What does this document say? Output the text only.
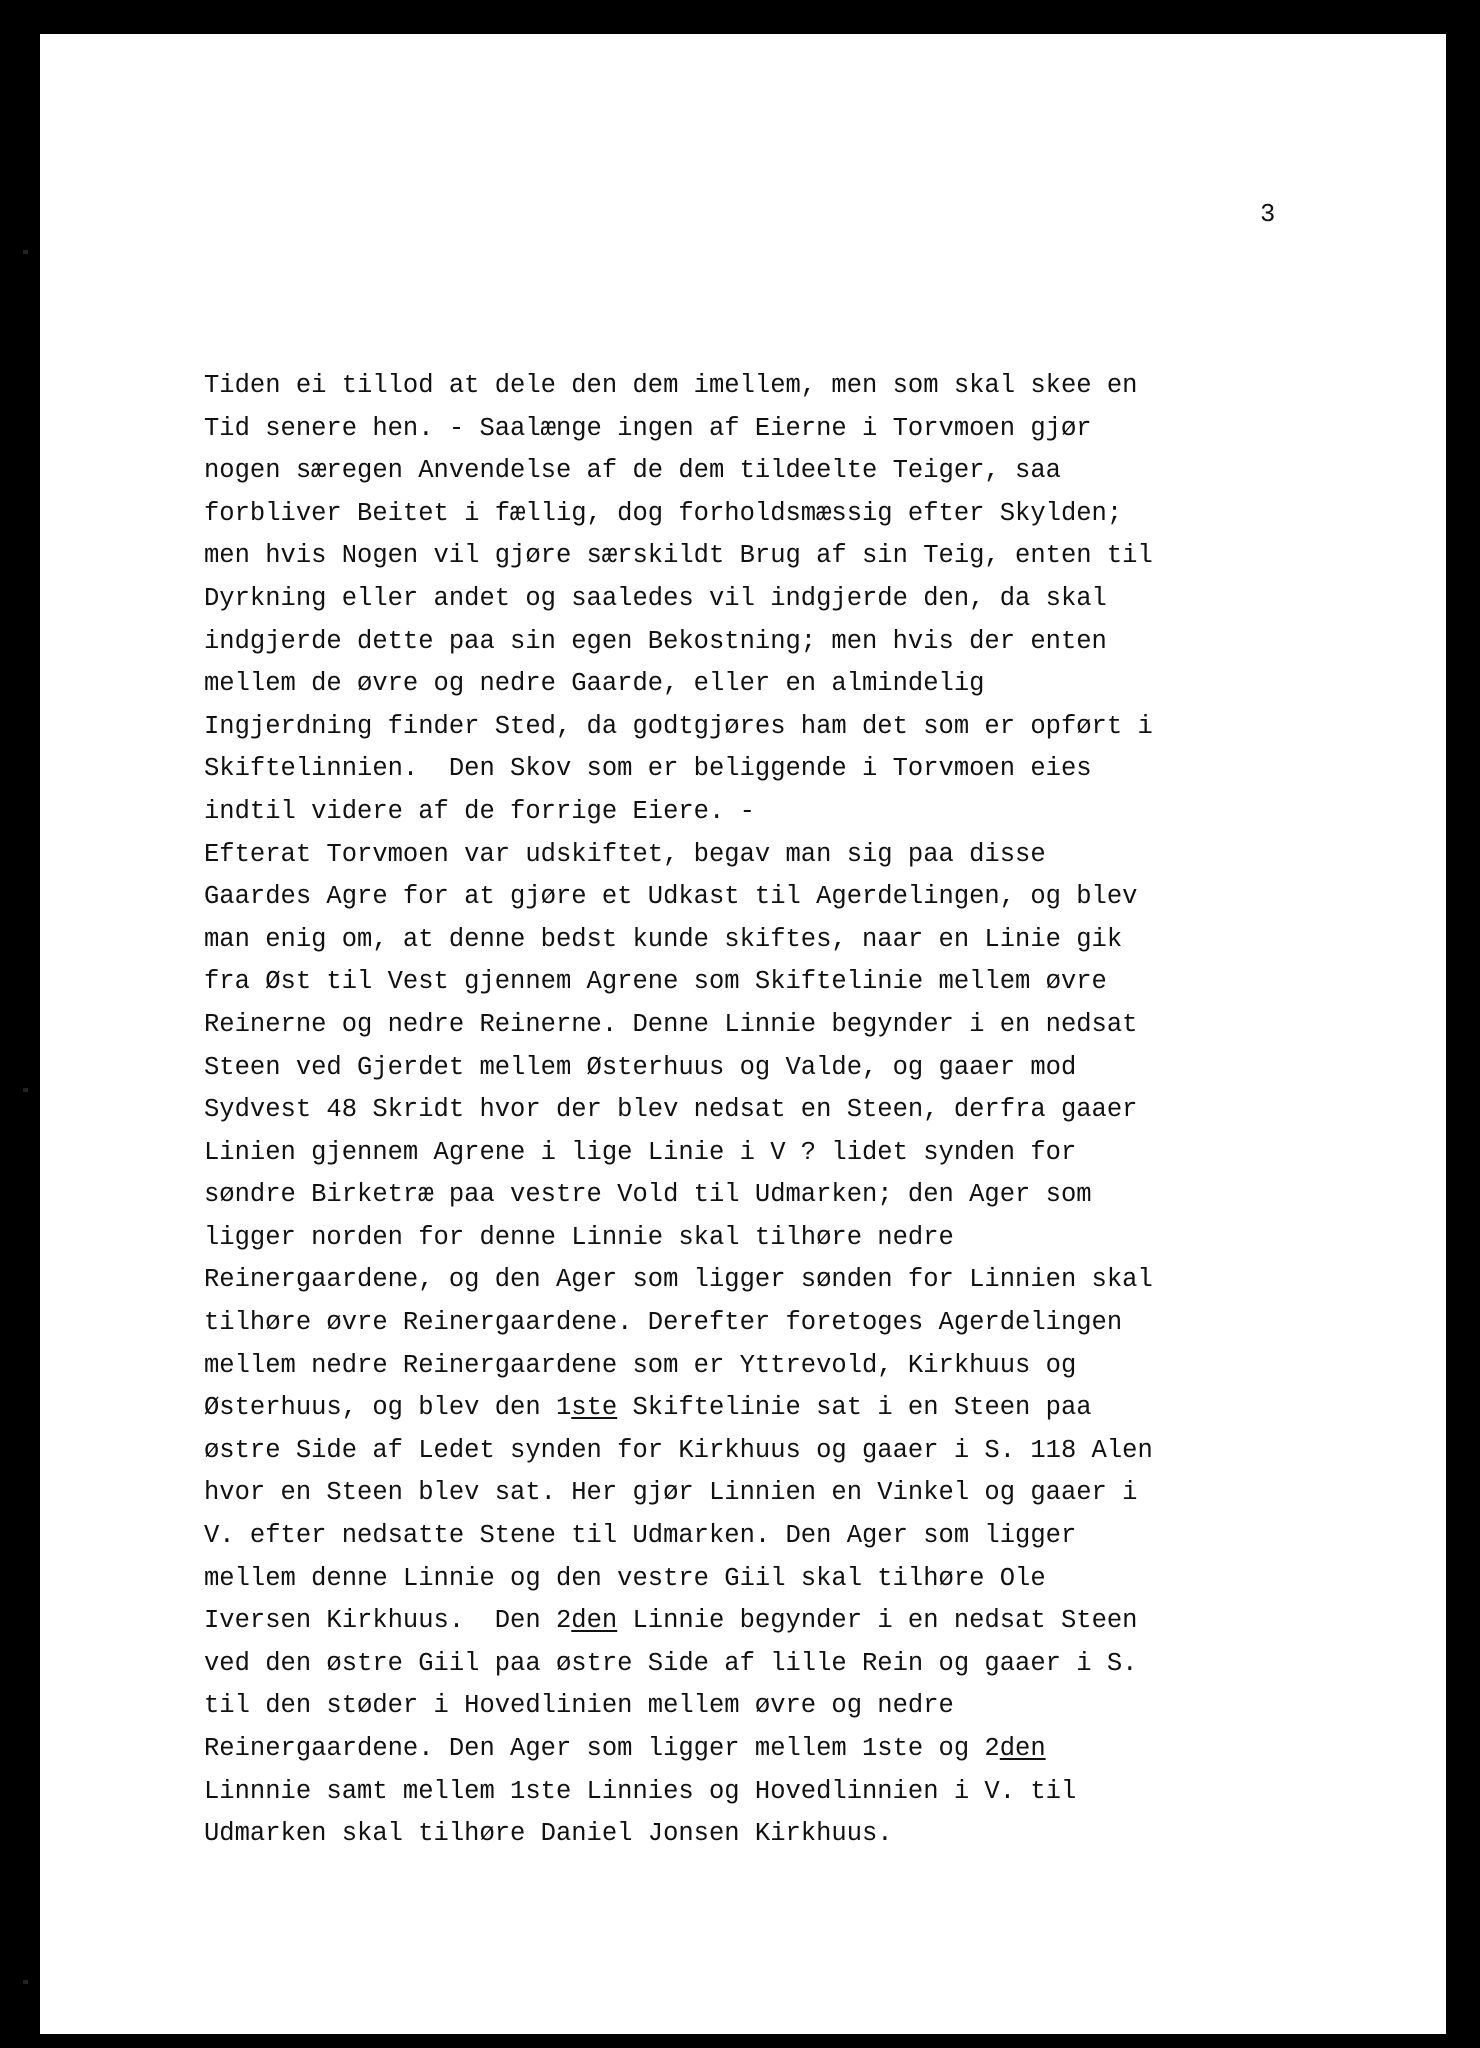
3

Tiden ei tillod at dele den dem imellem, men som skal skee en
Tid senere hen. - Saalænge ingen af Eierne i Torvmoen gjør
nogen særegen Anvendelse af de dem tildeelte Teiger, saa
forbliver Beitet i fællig, dog forholdsmæssig efter Skylden;
men hvis Nogen vil gjøre særskildt Brug af sin Teig, enten til
Dyrkning eller andet og saaledes vil indgjerde den, da skal
indgjerde dette paa sin egen Bekostning; men hvis der enten
mellem de øvre og nedre Gaarde, eller en almindelig
Ingjerdning finder Sted, da godtgjøres ham det som er opført i
Skiftelinnien.  Den Skov som er beliggende i Torvmoen eies
indtil videre af de forrige Eiere. -
Efterat Torvmoen var udskiftet, begav man sig paa disse
Gaardes Agre for at gjøre et Udkast til Agerdelingen, og blev
man enig om, at denne bedst kunde skiftes, naar en Linie gik
fra Øst til Vest gjennem Agrene som Skiftelinie mellem øvre
Reinerne og nedre Reinerne. Denne Linnie begynder i en nedsat
Steen ved Gjerdet mellem Østerhuus og Valde, og gaaer mod
Sydvest 48 Skridt hvor der blev nedsat en Steen, derfra gaaer
Linien gjennem Agrene i lige Linie i V ? lidet synden for
søndre Birketræ paa vestre Vold til Udmarken; den Ager som
ligger norden for denne Linnie skal tilhøre nedre
Reinergaardene, og den Ager som ligger sønden for Linnien skal
tilhøre øvre Reinergaardene. Derefter foretoges Agerdelingen
mellem nedre Reinergaardene som er Yttrevold, Kirkhuus og
Østerhuus, og blev den 1ste Skiftelinie sat i en Steen paa
østre Side af Ledet synden for Kirkhuus og gaaer i S. 118 Alen
hvor en Steen blev sat. Her gjør Linnien en Vinkel og gaaer i
V. efter nedsatte Stene til Udmarken. Den Ager som ligger
mellem denne Linnie og den vestre Giil skal tilhøre Ole
Iversen Kirkhuus.  Den 2den Linnie begynder i en nedsat Steen
ved den østre Giil paa østre Side af lille Rein og gaaer i S.
til den støder i Hovedlinien mellem øvre og nedre
Reinergaardene. Den Ager som ligger mellem 1ste og 2den
Linnnie samt mellem 1ste Linnies og Hovedlinnien i V. til
Udmarken skal tilhøre Daniel Jonsen Kirkhuus.
